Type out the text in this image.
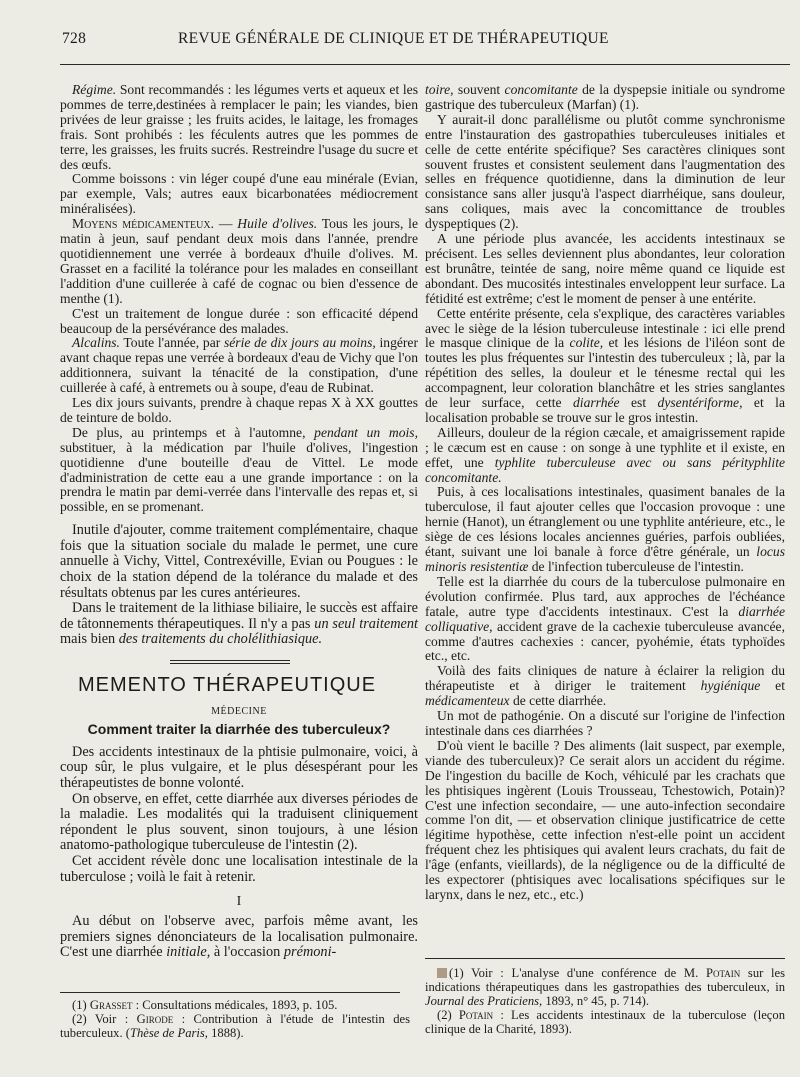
728	REVUE GÉNÉRALE DE CLINIQUE ET DE THÉRAPEUTIQUE

Régime. Sont recommandés : les légumes verts et aqueux et les pommes de terre,destinées à remplacer le pain; les viandes, bien privées de leur graisse ; les fruits acides, le laitage, les fromages frais. Sont prohibés : les féculents autres que les pommes de terre, les graisses, les fruits sucrés. Restreindre l'usage du sucre et des œufs.

Comme boissons : vin léger coupé d'une eau minérale (Evian, par exemple, Vals; autres eaux bicarbonatées médiocrement minéralisées).

Moyens médicamenteux. — Huile d'olives. Tous les jours, le matin à jeun, sauf pendant deux mois dans l'année, prendre quotidiennement une verrée à bordeaux d'huile d'olives. M. Grasset en a facilité la tolérance pour les malades en conseillant l'addition d'une cuillerée à café de cognac ou bien d'essence de menthe (1).

C'est un traitement de longue durée : son efficacité dépend beaucoup de la persévérance des malades.

Alcalins. Toute l'année, par série de dix jours au moins, ingérer avant chaque repas une verrée à bordeaux d'eau de Vichy que l'on additionnera, suivant la ténacité de la constipation, d'une cuillerée à café, à entremets ou à soupe, d'eau de Rubinat.

Les dix jours suivants, prendre à chaque repas X à XX gouttes de teinture de boldo.

De plus, au printemps et à l'automne, pendant un mois, substituer, à la médication par l'huile d'olives, l'ingestion quotidienne d'une bouteille d'eau de Vittel. Le mode d'administration de cette eau a une grande importance : on la prendra le matin par demi-verrée dans l'intervalle des repas et, si possible, en se promenant.

Inutile d'ajouter, comme traitement complémentaire, chaque fois que la situation sociale du malade le permet, une cure annuelle à Vichy, Vittel, Contrexéville, Evian ou Pougues : le choix de la station dépend de la tolérance du malade et des résultats obtenus par les cures antérieures.

Dans le traitement de la lithiase biliaire, le succès est affaire de tâtonnements thérapeutiques. Il n'y a pas un seul traitement mais bien des traitements du cholélithiasique.

MEMENTO THÉRAPEUTIQUE
MÉDECINE
Comment traiter la diarrhée des tuberculeux?

Des accidents intestinaux de la phtisie pulmonaire, voici, à coup sûr, le plus vulgaire, et le plus désespérant pour les thérapeutistes de bonne volonté.

On observe, en effet, cette diarrhée aux diverses périodes de la maladie. Les modalités qui la traduisent cliniquement répondent le plus souvent, sinon toujours, à une lésion anatomo-pathologique tuberculeuse de l'intestin (2).

Cet accident révèle donc une localisation intestinale de la tuberculose ; voilà le fait à retenir.

I

Au début on l'observe avec, parfois même avant, les premiers signes dénonciateurs de la localisation pulmonaire. C'est une diarrhée initiale, à l'occasion prémoni-

(1) Grasset : Consultations médicales, 1893, p. 105.

(2) Voir : Girode : Contribution à l'étude de l'intestin des tuberculeux. (Thèse de Paris, 1888).

toire, souvent concomitante de la dyspepsie initiale ou syndrome gastrique des tuberculeux (Marfan) (1).

Y aurait-il donc parallélisme ou plutôt comme synchronisme entre l'instauration des gastropathies tuberculeuses initiales et celle de cette entérite spécifique? Ses caractères cliniques sont souvent frustes et consistent seulement dans l'augmentation des selles en fréquence quotidienne, dans la diminution de leur consistance sans aller jusqu'à l'aspect diarrhéique, sans douleur, sans coliques, mais avec la concomittance de troubles dyspeptiques (2).

A une période plus avancée, les accidents intestinaux se précisent. Les selles deviennent plus abondantes, leur coloration est brunâtre, teintée de sang, noire même quand ce liquide est abondant. Des mucosités intestinales enveloppent leur surface. La fétidité est extrême; c'est le moment de penser à une entérite.

Cette entérite présente, cela s'explique, des caractères variables avec le siège de la lésion tuberculeuse intestinale : ici elle prend le masque clinique de la colite, et les lésions de l'iléon sont de toutes les plus fréquentes sur l'intestin des tuberculeux ; là, par la répétition des selles, la douleur et le ténesme rectal qui les accompagnent, leur coloration blanchâtre et les stries sanglantes de leur surface, cette diarrhée est dysentériforme, et la localisation probable se trouve sur le gros intestin.

Ailleurs, douleur de la région cæcale, et amaigrissement rapide ; le cæcum est en cause : on songe à une typhlite et il existe, en effet, une typhlite tuberculeuse avec ou sans pérityphlite concomitante.

Puis, à ces localisations intestinales, quasiment banales de la tuberculose, il faut ajouter celles que l'occasion provoque : une hernie (Hanot), un étranglement ou une typhlite antérieure, etc., le siège de ces lésions locales anciennes guéries, parfois oubliées, étant, suivant une loi banale à force d'être générale, un locus minoris resistentiæ de l'infection tuberculeuse de l'intestin.

Telle est la diarrhée du cours de la tuberculose pulmonaire en évolution confirmée. Plus tard, aux approches de l'échéance fatale, autre type d'accidents intestinaux. C'est la diarrhée colliquative, accident grave de la cachexie tuberculeuse avancée, comme d'autres cachexies : cancer, pyohémie, états typhoïdes etc., etc.

Voilà des faits cliniques de nature à éclairer la religion du thérapeutiste et à diriger le traitement hygiénique et médicamenteux de cette diarrhée.

Un mot de pathogénie. On a discuté sur l'origine de l'infection intestinale dans ces diarrhées ?

D'où vient le bacille ? Des aliments (lait suspect, par exemple, viande des tuberculeux)? Ce serait alors un accident du régime. De l'ingestion du bacille de Koch, véhiculé par les crachats que les phtisiques ingèrent (Louis Trousseau, Tchestowich, Potain)? C'est une infection secondaire, — une auto-infection secondaire comme l'on dit, — et observation clinique justificatrice de cette légitime hypothèse, cette infection n'est-elle point un accident fréquent chez les phtisiques qui avalent leurs crachats, du fait de l'âge (enfants, vieillards), de la négligence ou de la difficulté de les expectorer (phtisiques avec localisations spécifiques sur le larynx, dans le nez, etc., etc.)

(1) Voir : L'analyse d'une conférence de M. Potain sur les indications thérapeutiques dans les gastropathies des tuberculeux, in Journal des Praticiens, 1893, n° 45, p. 714).

(2) Potain : Les accidents intestinaux de la tuberculose (leçon clinique de la Charité, 1893).
